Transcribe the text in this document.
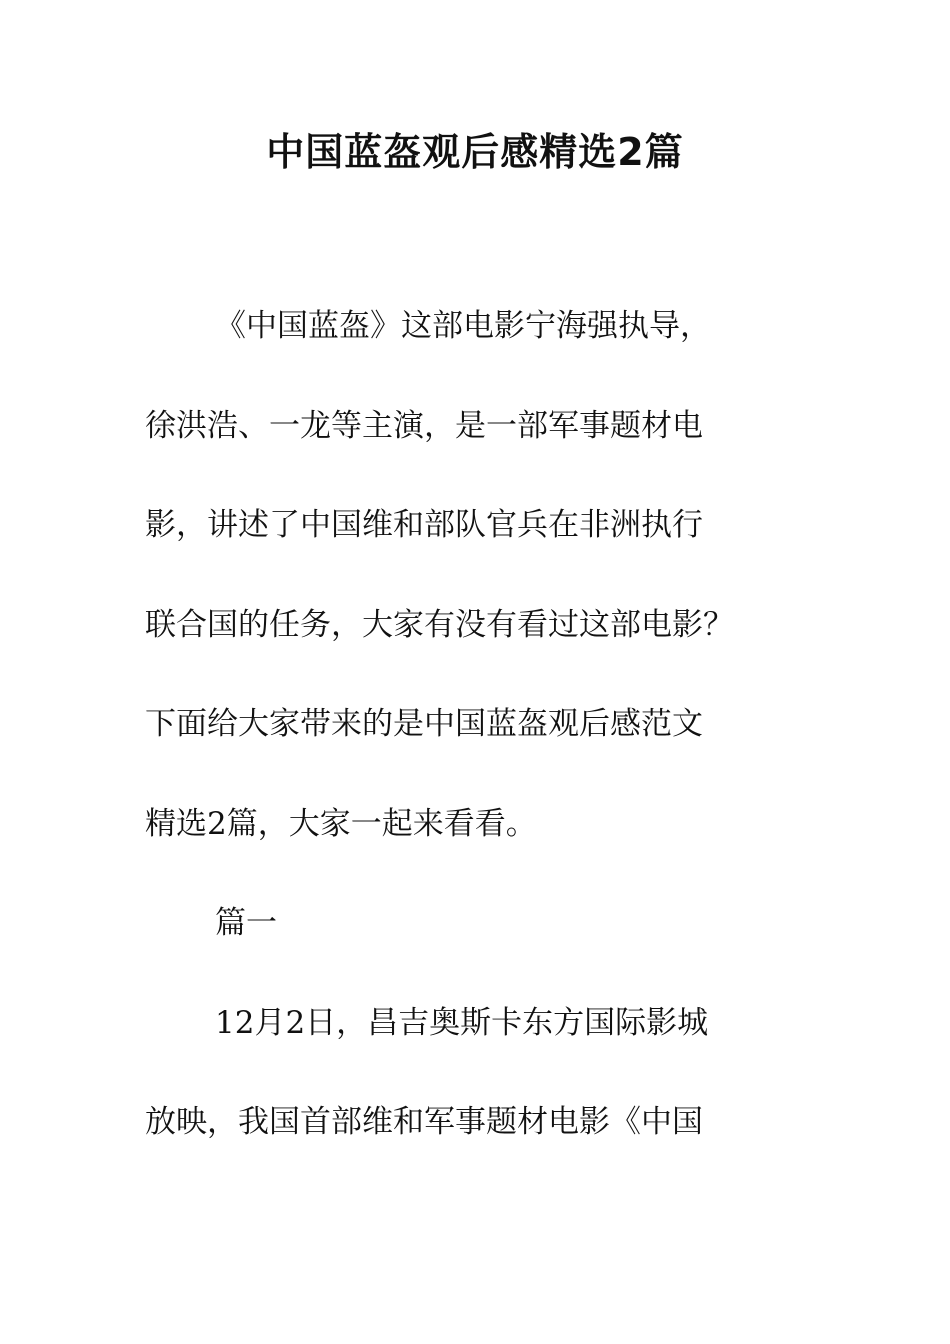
中国蓝盔观后感精选2篇

《中国蓝盔》这部电影宁海强执导，

徐洪浩、一龙等主演，是一部军事题材电

影，讲述了中国维和部队官兵在非洲执行

联合国的任务，大家有没有看过这部电影？

下面给大家带来的是中国蓝盔观后感范文

精选2篇，大家一起来看看。

篇一

12月2日，昌吉奥斯卡东方国际影城

放映，我国首部维和军事题材电影《中国
